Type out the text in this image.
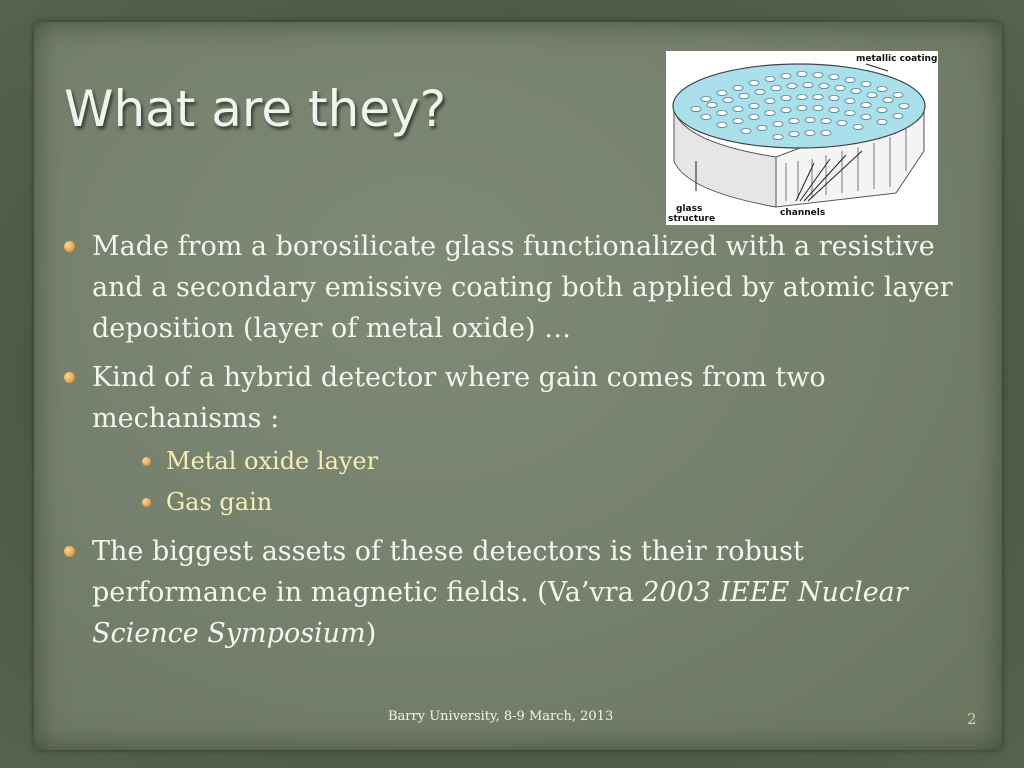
What are they?
metallic coating
glass
structure
channels
Made from a borosilicate glass functionalized with a resistive and a secondary emissive coating both applied by atomic layer deposition (layer of metal oxide) …
Kind of a hybrid detector where gain comes from two mechanisms :
Metal oxide layer
Gas gain
The biggest assets of these detectors is their robust performance in magnetic fields. (Va’vra 2003 IEEE Nuclear Science Symposium)
Barry University, 8-9 March, 2013	2
